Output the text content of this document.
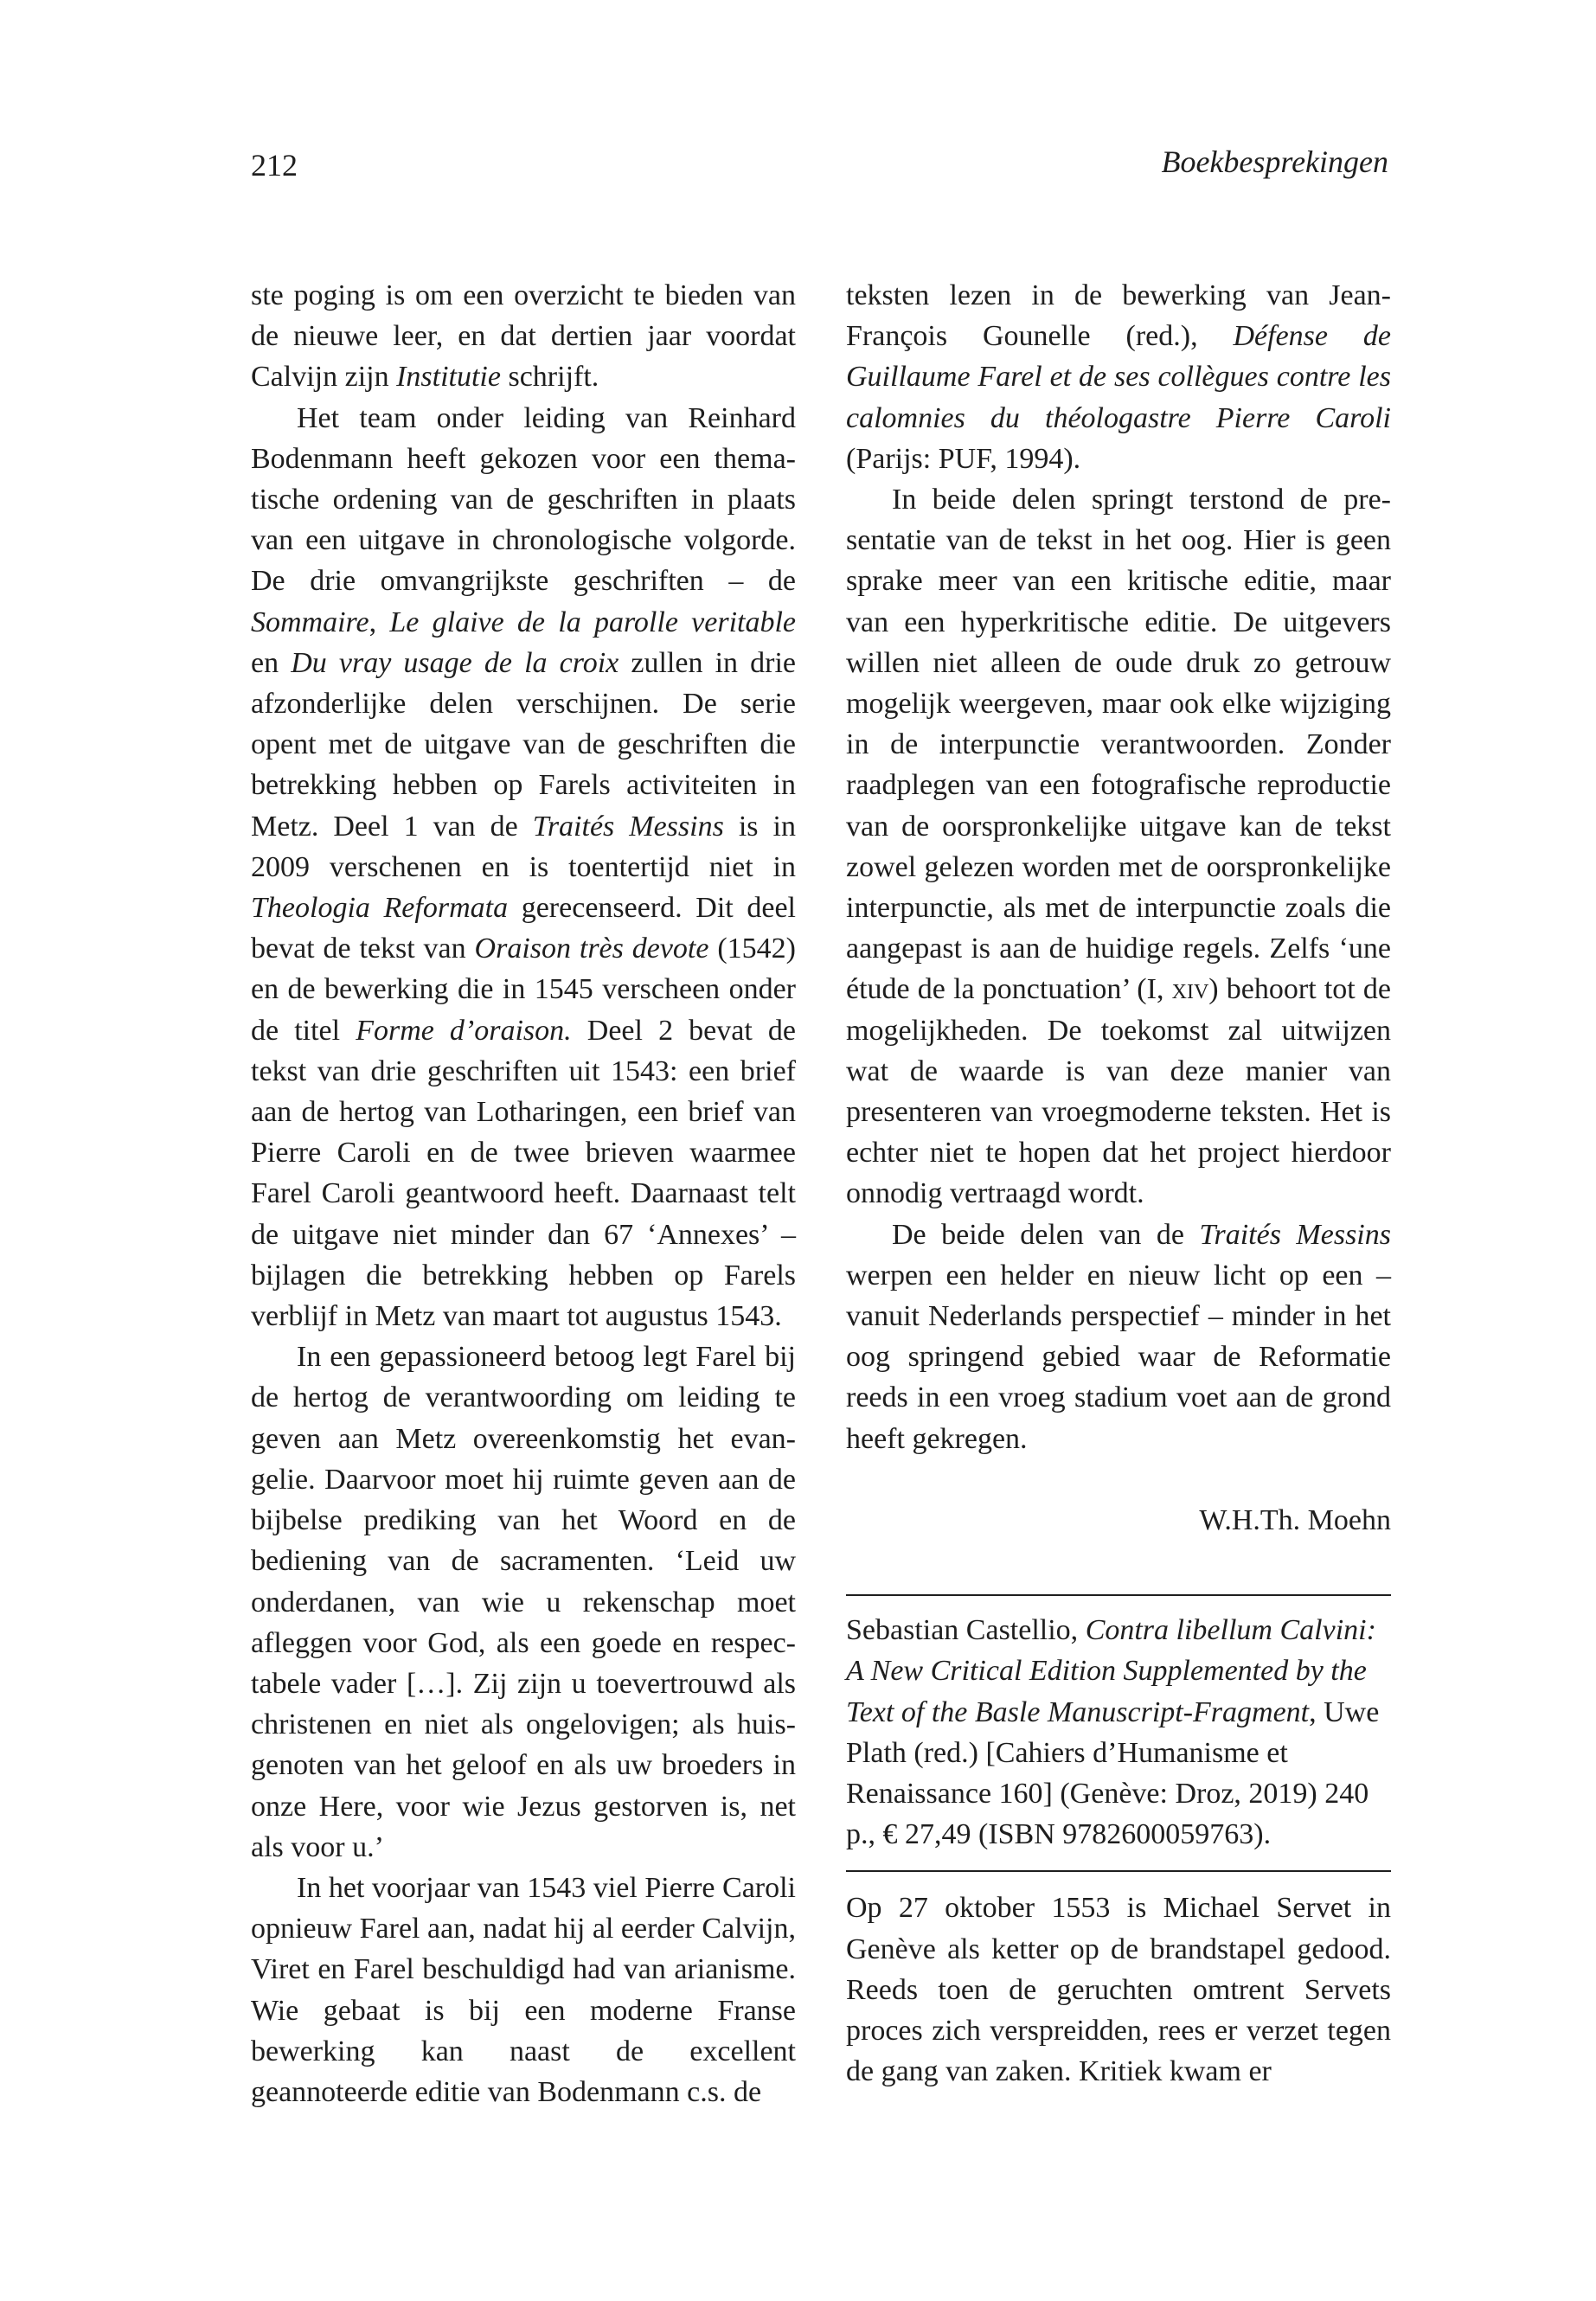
212	Boekbesprekingen

ste poging is om een overzicht te bieden van de nieuwe leer, en dat dertien jaar voordat Calvijn zijn Institutie schrijft.

Het team onder leiding van Reinhard Bodenmann heeft gekozen voor een thematische ordening van de geschriften in plaats van een uitgave in chronologische volgorde. De drie omvangrijkste geschriften – de Sommaire, Le glaive de la parolle veritable en Du vray usage de la croix zullen in drie afzonderlijke delen verschijnen. De serie opent met de uitgave van de geschriften die betrekking hebben op Farels activiteiten in Metz. Deel 1 van de Traités Messins is in 2009 verschenen en is toentertijd niet in Theologia Reformata gerecenseerd. Dit deel bevat de tekst van Oraison très devote (1542) en de bewerking die in 1545 verscheen onder de titel Forme d’oraison. Deel 2 bevat de tekst van drie geschriften uit 1543: een brief aan de hertog van Lotharingen, een brief van Pierre Caroli en de twee brieven waarmee Farel Caroli geantwoord heeft. Daarnaast telt de uitgave niet minder dan 67 ‘Annexes’ – bijlagen die betrekking hebben op Farels verblijf in Metz van maart tot augustus 1543.

In een gepassioneerd betoog legt Farel bij de hertog de verantwoording om leiding te geven aan Metz overeenkomstig het evangelie. Daarvoor moet hij ruimte geven aan de bijbelse prediking van het Woord en de bediening van de sacramenten. ‘Leid uw onderdanen, van wie u rekenschap moet afleggen voor God, als een goede en respectabele vader […]. Zij zijn u toevertrouwd als christenen en niet als ongelovigen; als huisgenoten van het geloof en als uw broeders in onze Here, voor wie Jezus gestorven is, net als voor u.’

In het voorjaar van 1543 viel Pierre Caroli opnieuw Farel aan, nadat hij al eerder Calvijn, Viret en Farel beschuldigd had van arianisme. Wie gebaat is bij een moderne Franse bewerking kan naast de excellent geannoteerde editie van Bodenmann c.s. de

teksten lezen in de bewerking van Jean-François Gounelle (red.), Défense de Guillaume Farel et de ses collègues contre les calomnies du théologastre Pierre Caroli (Parijs: PUF, 1994).

In beide delen springt terstond de presentatie van de tekst in het oog. Hier is geen sprake meer van een kritische editie, maar van een hyperkritische editie. De uitgevers willen niet alleen de oude druk zo getrouw mogelijk weergeven, maar ook elke wijziging in de interpunctie verantwoorden. Zonder raadplegen van een fotografische reproductie van de oorspronkelijke uitgave kan de tekst zowel gelezen worden met de oorspronkelijke interpunctie, als met de interpunctie zoals die aangepast is aan de huidige regels. Zelfs ‘une étude de la ponctuation’ (I, xiv) behoort tot de mogelijkheden. De toekomst zal uitwijzen wat de waarde is van deze manier van presenteren van vroegmoderne teksten. Het is echter niet te hopen dat het project hierdoor onnodig vertraagd wordt.

De beide delen van de Traités Messins werpen een helder en nieuw licht op een – vanuit Nederlands perspectief – minder in het oog springend gebied waar de Reformatie reeds in een vroeg stadium voet aan de grond heeft gekregen.

W.H.Th. Moehn

Sebastian Castellio, Contra libellum Calvini: A New Critical Edition Supplemented by the Text of the Basle Manuscript-Fragment, Uwe Plath (red.) [Cahiers d’Humanisme et Renaissance 160] (Genève: Droz, 2019) 240 p., € 27,49 (ISBN 9782600059763).

Op 27 oktober 1553 is Michael Servet in Genève als ketter op de brandstapel gedood. Reeds toen de geruchten omtrent Servets proces zich verspreidden, rees er verzet tegen de gang van zaken. Kritiek kwam er
